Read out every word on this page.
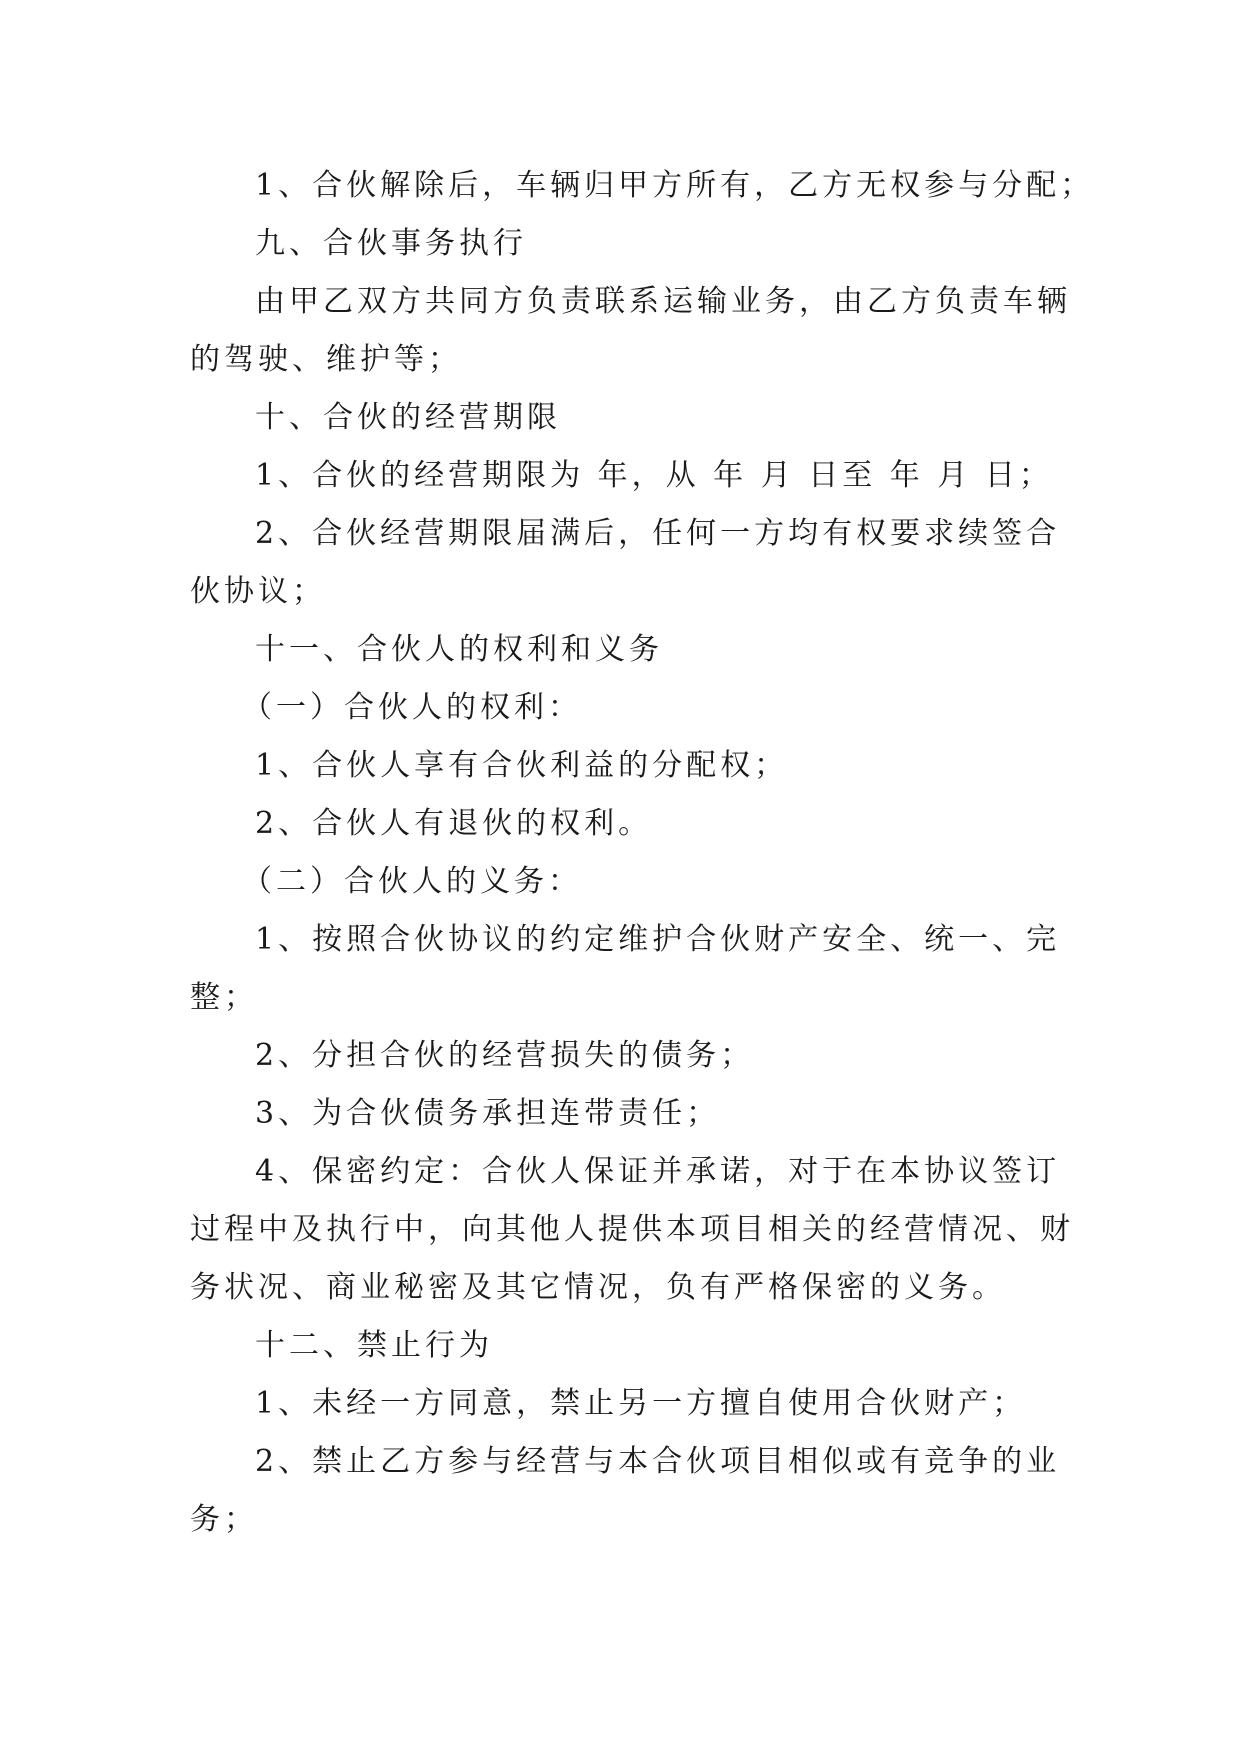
1、合伙解除后，车辆归甲方所有，乙方无权参与分配；
九、合伙事务执行
由甲乙双方共同方负责联系运输业务，由乙方负责车辆
的驾驶、维护等；
十、合伙的经营期限
1、合伙的经营期限为 年，从 年 月 日至 年 月 日；
2、合伙经营期限届满后，任何一方均有权要求续签合
伙协议；
十一、合伙人的权利和义务
（一）合伙人的权利：
1、合伙人享有合伙利益的分配权；
2、合伙人有退伙的权利。
（二）合伙人的义务：
1、按照合伙协议的约定维护合伙财产安全、统一、完
整；
2、分担合伙的经营损失的债务；
3、为合伙债务承担连带责任；
4、保密约定：合伙人保证并承诺，对于在本协议签订
过程中及执行中，向其他人提供本项目相关的经营情况、财
务状况、商业秘密及其它情况，负有严格保密的义务。
十二、禁止行为
1、未经一方同意，禁止另一方擅自使用合伙财产；
2、禁止乙方参与经营与本合伙项目相似或有竞争的业
务；
